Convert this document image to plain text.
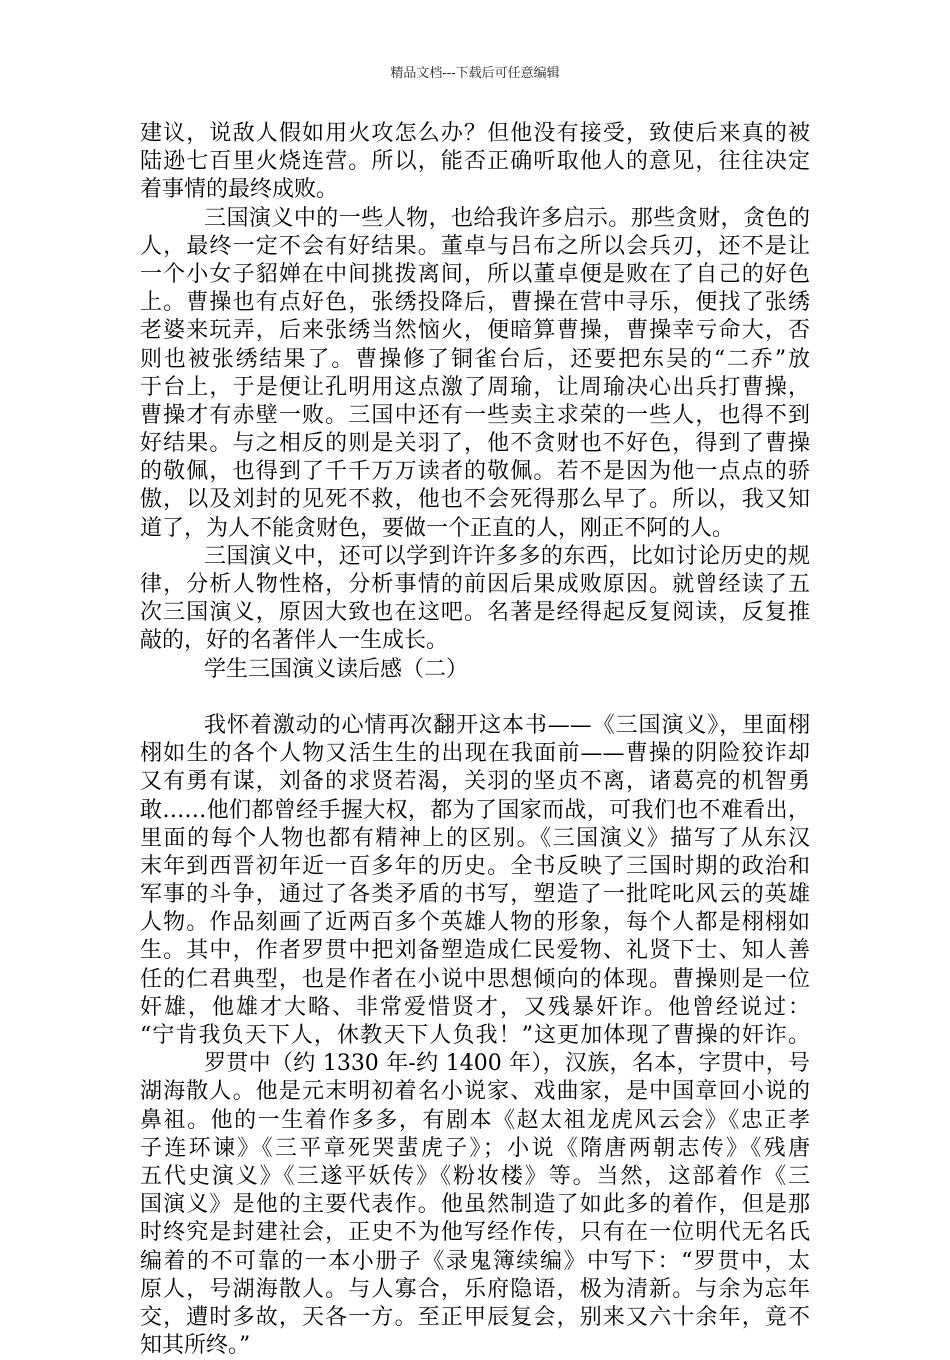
精品文档---下载后可任意编辑
建议，说敌人假如用火攻怎么办？但他没有接受，致使后来真的被
陆逊七百里火烧连营。所以，能否正确听取他人的意见，往往决定
着事情的最终成败。
三国演义中的一些人物，也给我许多启示。那些贪财，贪色的
人，最终一定不会有好结果。董卓与吕布之所以会兵刃，还不是让
一个小女子貂婵在中间挑拨离间，所以董卓便是败在了自己的好色
上。曹操也有点好色，张绣投降后，曹操在营中寻乐，便找了张绣
老婆来玩弄，后来张绣当然恼火，便暗算曹操，曹操幸亏命大，否
则也被张绣结果了。曹操修了铜雀台后，还要把东吴的“二乔”放
于台上，于是便让孔明用这点激了周瑜，让周瑜决心出兵打曹操，
曹操才有赤壁一败。三国中还有一些卖主求荣的一些人，也得不到
好结果。与之相反的则是关羽了，他不贪财也不好色，得到了曹操
的敬佩，也得到了千千万万读者的敬佩。若不是因为他一点点的骄
傲，以及刘封的见死不救，他也不会死得那么早了。所以，我又知
道了，为人不能贪财色，要做一个正直的人，刚正不阿的人。
三国演义中，还可以学到许许多多的东西，比如讨论历史的规
律，分析人物性格，分析事情的前因后果成败原因。就曾经读了五
次三国演义，原因大致也在这吧。名著是经得起反复阅读，反复推
敲的，好的名著伴人一生成长。
学生三国演义读后感（二）
我怀着激动的心情再次翻开这本书——《三国演义》，里面栩
栩如生的各个人物又活生生的出现在我面前——曹操的阴险狡诈却
又有勇有谋，刘备的求贤若渴，关羽的坚贞不离，诸葛亮的机智勇
敢……他们都曾经手握大权，都为了国家而战，可我们也不难看出，
里面的每个人物也都有精神上的区别。《三国演义》描写了从东汉
末年到西晋初年近一百多年的历史。全书反映了三国时期的政治和
军事的斗争，通过了各类矛盾的书写，塑造了一批咤叱风云的英雄
人物。作品刻画了近两百多个英雄人物的形象，每个人都是栩栩如
生。其中，作者罗贯中把刘备塑造成仁民爱物、礼贤下士、知人善
任的仁君典型，也是作者在小说中思想倾向的体现。曹操则是一位
奸雄，他雄才大略、非常爱惜贤才，又残暴奸诈。他曾经说过：
“宁肯我负天下人，休教天下人负我！”这更加体现了曹操的奸诈。
罗贯中（约 1330 年-约 1400 年），汉族，名本，字贯中，号
湖海散人。他是元末明初着名小说家、戏曲家，是中国章回小说的
鼻祖。他的一生着作多多，有剧本《赵太祖龙虎风云会》《忠正孝
子连环谏》《三平章死哭蜚虎子》；小说《隋唐两朝志传》《残唐
五代史演义》《三遂平妖传》《粉妆楼》等。当然，这部着作《三
国演义》是他的主要代表作。他虽然制造了如此多的着作，但是那
时终究是封建社会，正史不为他写经作传，只有在一位明代无名氏
编着的不可靠的一本小册子《录鬼簿续编》中写下：“罗贯中，太
原人，号湖海散人。与人寡合，乐府隐语，极为清新。与余为忘年
交，遭时多故，天各一方。至正甲辰复会，别来又六十余年，竟不
知其所终。”
